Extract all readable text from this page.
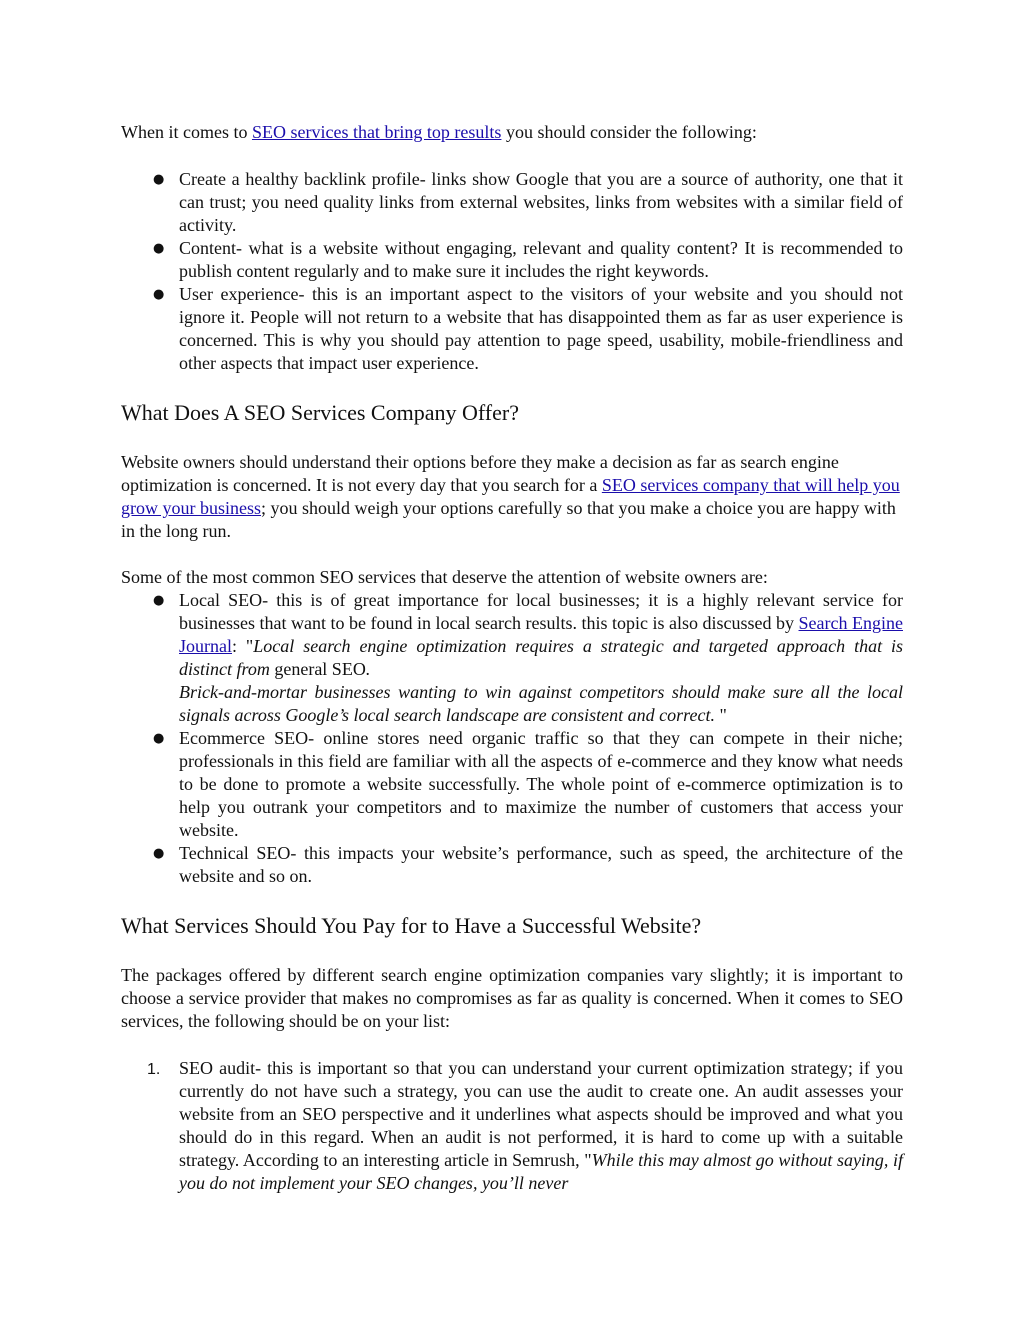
When it comes to SEO services that bring top results you should consider the following:

● Create a healthy backlink profile- links show Google that you are a source of authority, one that it can trust; you need quality links from external websites, links from websites with a similar field of activity.
● Content- what is a website without engaging, relevant and quality content? It is recommended to publish content regularly and to make sure it includes the right keywords.
● User experience- this is an important aspect to the visitors of your website and you should not ignore it. People will not return to a website that has disappointed them as far as user experience is concerned. This is why you should pay attention to page speed, usability, mobile-friendliness and other aspects that impact user experience.
What Does A SEO Services Company Offer?

Website owners should understand their options before they make a decision as far as search engine optimization is concerned. It is not every day that you search for a SEO services company that will help you grow your business; you should weigh your options carefully so that you make a choice you are happy with in the long run.

Some of the most common SEO services that deserve the attention of website owners are:

● Local SEO- this is of great importance for local businesses; it is a highly relevant service for businesses that want to be found in local search results. this topic is also discussed by Search Engine Journal: "Local search engine optimization requires a strategic and targeted approach that is distinct from general SEO.
Brick-and-mortar businesses wanting to win against competitors should make sure all the local signals across Google’s local search landscape are consistent and correct. "
● Ecommerce SEO- online stores need organic traffic so that they can compete in their niche; professionals in this field are familiar with all the aspects of e-commerce and they know what needs to be done to promote a website successfully. The whole point of e-commerce optimization is to help you outrank your competitors and to maximize the number of customers that access your website.
● Technical SEO- this impacts your website’s performance, such as speed, the architecture of the website and so on.
What Services Should You Pay for to Have a Successful Website?

The packages offered by different search engine optimization companies vary slightly; it is important to choose a service provider that makes no compromises as far as quality is concerned. When it comes to SEO services, the following should be on your list:

1. SEO audit- this is important so that you can understand your current optimization strategy; if you currently do not have such a strategy, you can use the audit to create one. An audit assesses your website from an SEO perspective and it underlines what aspects should be improved and what you should do in this regard. When an audit is not performed, it is hard to come up with a suitable strategy. According to an interesting article in Semrush, "While this may almost go without saying, if you do not implement your SEO changes, you’ll never
